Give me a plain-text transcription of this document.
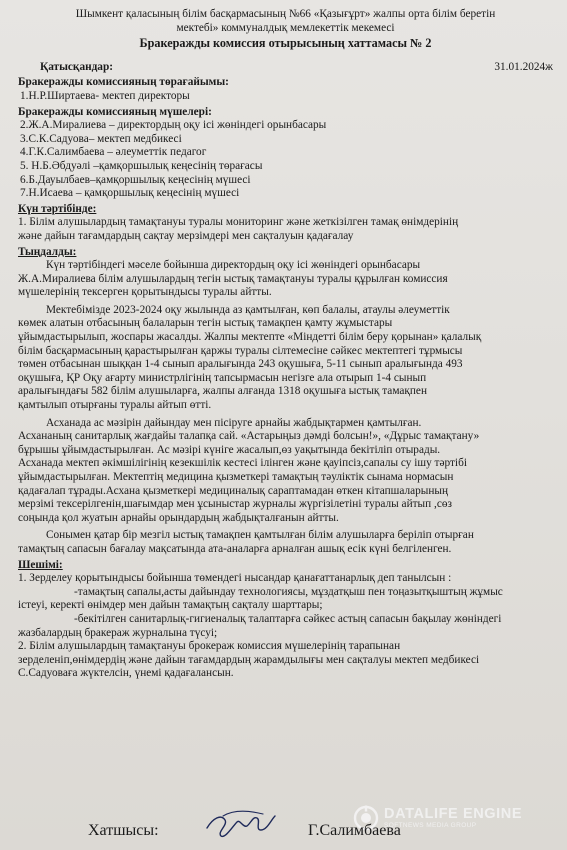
Шымкент қаласының білім басқармасының №66 «Қазығұрт» жалпы орта білім беретін
мектебі» коммуналдық мемлекеттік мекемесі
Бракеражды комиссия отырысының хаттамасы № 2
Қатысқандар:	31.01.2024ж
Бракеражды комиссияның төрағайымы:
1.Н.Р.Ширтаева- мектеп директоры
Бракеражды комиссияның мүшелері:
2.Ж.А.Миралиева – директордың оқу ісі жөніндегі орынбасары
3.С.К.Садуова– мектеп медбикесі
4.Г.К.Салимбаева – әлеуметтік педагог
5. Н.Б.Әбдуәлі –қамқоршылық кеңесінің төрағасы
6.Б.Дауылбаев–қамқоршылық кеңесінің мүшесі
7.Н.Исаева – қамқоршылық кеңесінің мүшесі
Күн тәртібінде:
1. Білім алушылардың тамақтануы туралы мониторинг және жеткізілген тамақ өнімдерінің
және дайын тағамдардың сақтау мерзімдері мен сақталуын қадағалау
Тыңдалды:
Күн тәртібіндегі мәселе бойынша директордың оқу ісі жөніндегі орынбасары
Ж.А.Миралиева білім алушылардың тегін ыстық тамақтануы туралы құрылған комиссия
мүшелерінің тексерген қорытындысы туралы айтты.
Мектебімізде 2023-2024 оқу жылында аз қамтылған, көп балалы, атаулы әлеуметтік
көмек алатын отбасының балаларын тегін ыстық тамақпен қамту жұмыстары
ұйымдастырылып, жоспары жасалды. Жалпы мектепте «Міндетті білім беру қорынан» қалалық
білім басқармасының қарастырылған қаржы туралы сілтемесіне сәйкес мектептегі тұрмысы
төмен отбасынан шыққан 1-4 сынып аралығында 243 оқушыға, 5-11 сынып аралығында 493
оқушыға, ҚР Оқу ағарту министрлігінің тапсырмасын негізге ала отырып 1-4 сынып
аралығындағы 582 білім алушыларға, жалпы алғанда 1318 оқушыға ыстық тамақпен
қамтылып отырғаны туралы айтып өтті.
Асханада ас мәзірін дайындау мен пісіруге арнайы жабдықтармен қамтылған.
Асхананың санитарлық жағдайы талапқа сай. «Астарыңыз дәмді болсын!», «Дұрыс тамақтану»
бұрышы ұйымдастырылған. Ас мәзірі күніге жасалып,өз уақытында бекітіліп отырады.
Асханада мектеп әкімшілігінің кезекшілік кестесі ілінген және қауіпсіз,сапалы су ішу тәртібі
ұйымдастырылған. Мектептің медицина қызметкері тамақтың тәуліктік сынама нормасын
қадағалап тұрады.Асхана қызметкері медициналық сараптамадан өткен кітапшаларының
мерзімі тексерілгенін,шағымдар мен ұсыныстар журналы жүргізілетіні туралы айтып ,сөз
соңында қол жуатын арнайы орындардың жабдықталғанын айтты.
Сонымен қатар бір мезгіл ыстық тамақпен қамтылған білім алушыларға беріліп отырған
тамақтың сапасын бағалау мақсатында ата-аналарға арналған ашық есік күні белгіленген.
Шешімі:
1. Зерделеу қорытындысы бойынша төмендегі нысандар қанағаттанарлық деп танылсын :
-тамақтың сапалы,асты дайындау технологиясы, мұздатқыш пен тоңазытқыштың жұмыс
істеуі, керекті өнімдер мен дайын тамақтың сақталу шарттары;
-бекітілген санитарлық-гигиеналық талаптарға сәйкес астың сапасын бақылау жөніндегі
жазбалардың бракераж журналына түсуі;
2. Білім алушылардың тамақтануы брокераж комиссия мүшелерінің тарапынан
зерделеніп,өнімдердің және дайын тағамдардың жарамдылығы мен сақталуы мектеп медбикесі
С.Садуоваға жүктелсін, үнемі қадағалансын.
DATALIFE ENGINE
SOFTNEWS MEDIA GROUP
Хатшысы:	Г.Салимбаева
